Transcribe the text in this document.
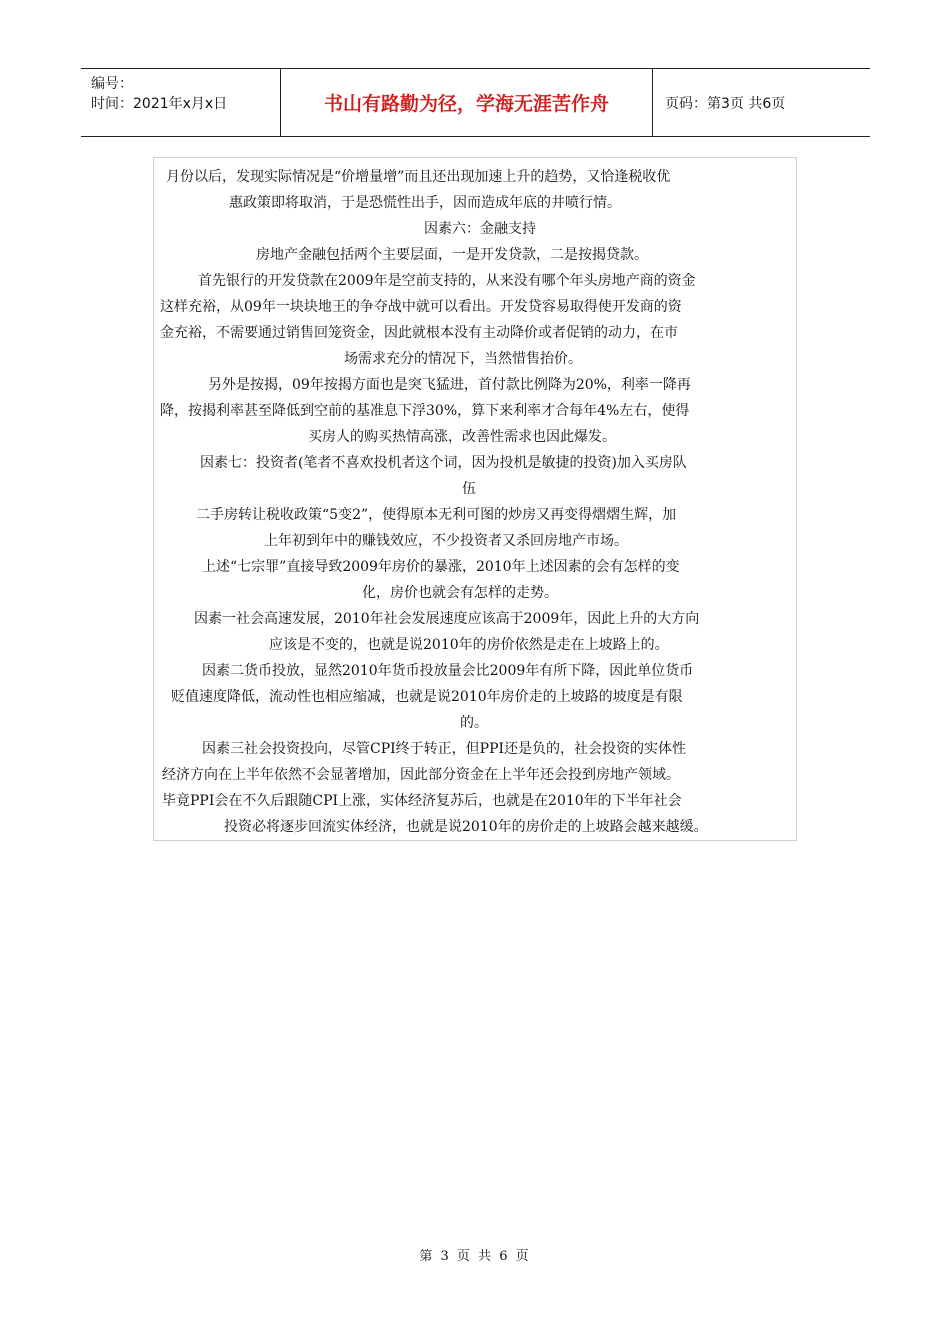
编号：
时间：2021年x月x日	书山有路勤为径，学海无涯苦作舟	页码：第3页 共6页
月份以后，发现实际情况是“价增量增”而且还出现加速上升的趋势，又恰逢税收优
惠政策即将取消，于是恐慌性出手，因而造成年底的井喷行情。
因素六：金融支持
房地产金融包括两个主要层面，一是开发贷款，二是按揭贷款。
首先银行的开发贷款在2009年是空前支持的，从来没有哪个年头房地产商的资金
这样充裕，从09年一块块地王的争夺战中就可以看出。开发贷容易取得使开发商的资
金充裕，不需要通过销售回笼资金，因此就根本没有主动降价或者促销的动力，在市
场需求充分的情况下，当然惜售抬价。
另外是按揭，09年按揭方面也是突飞猛进，首付款比例降为20%，利率一降再
降，按揭利率甚至降低到空前的基准息下浮30%，算下来利率才合每年4%左右，使得
买房人的购买热情高涨，改善性需求也因此爆发。
因素七：投资者(笔者不喜欢投机者这个词，因为投机是敏捷的投资)加入买房队
伍
二手房转让税收政策“5变2”，使得原本无利可图的炒房又再变得熠熠生辉，加
上年初到年中的赚钱效应，不少投资者又杀回房地产市场。
上述“七宗罪”直接导致2009年房价的暴涨，2010年上述因素的会有怎样的变
化，房价也就会有怎样的走势。
因素一社会高速发展，2010年社会发展速度应该高于2009年，因此上升的大方向
应该是不变的，也就是说2010年的房价依然是走在上坡路上的。
因素二货币投放，显然2010年货币投放量会比2009年有所下降，因此单位货币
贬值速度降低，流动性也相应缩减，也就是说2010年房价走的上坡路的坡度是有限
的。
因素三社会投资投向，尽管CPI终于转正，但PPI还是负的，社会投资的实体性
经济方向在上半年依然不会显著增加，因此部分资金在上半年还会投到房地产领域。
毕竟PPI会在不久后跟随CPI上涨，实体经济复苏后，也就是在2010年的下半年社会
投资必将逐步回流实体经济，也就是说2010年的房价走的上坡路会越来越缓。
第 3 页 共 6 页
